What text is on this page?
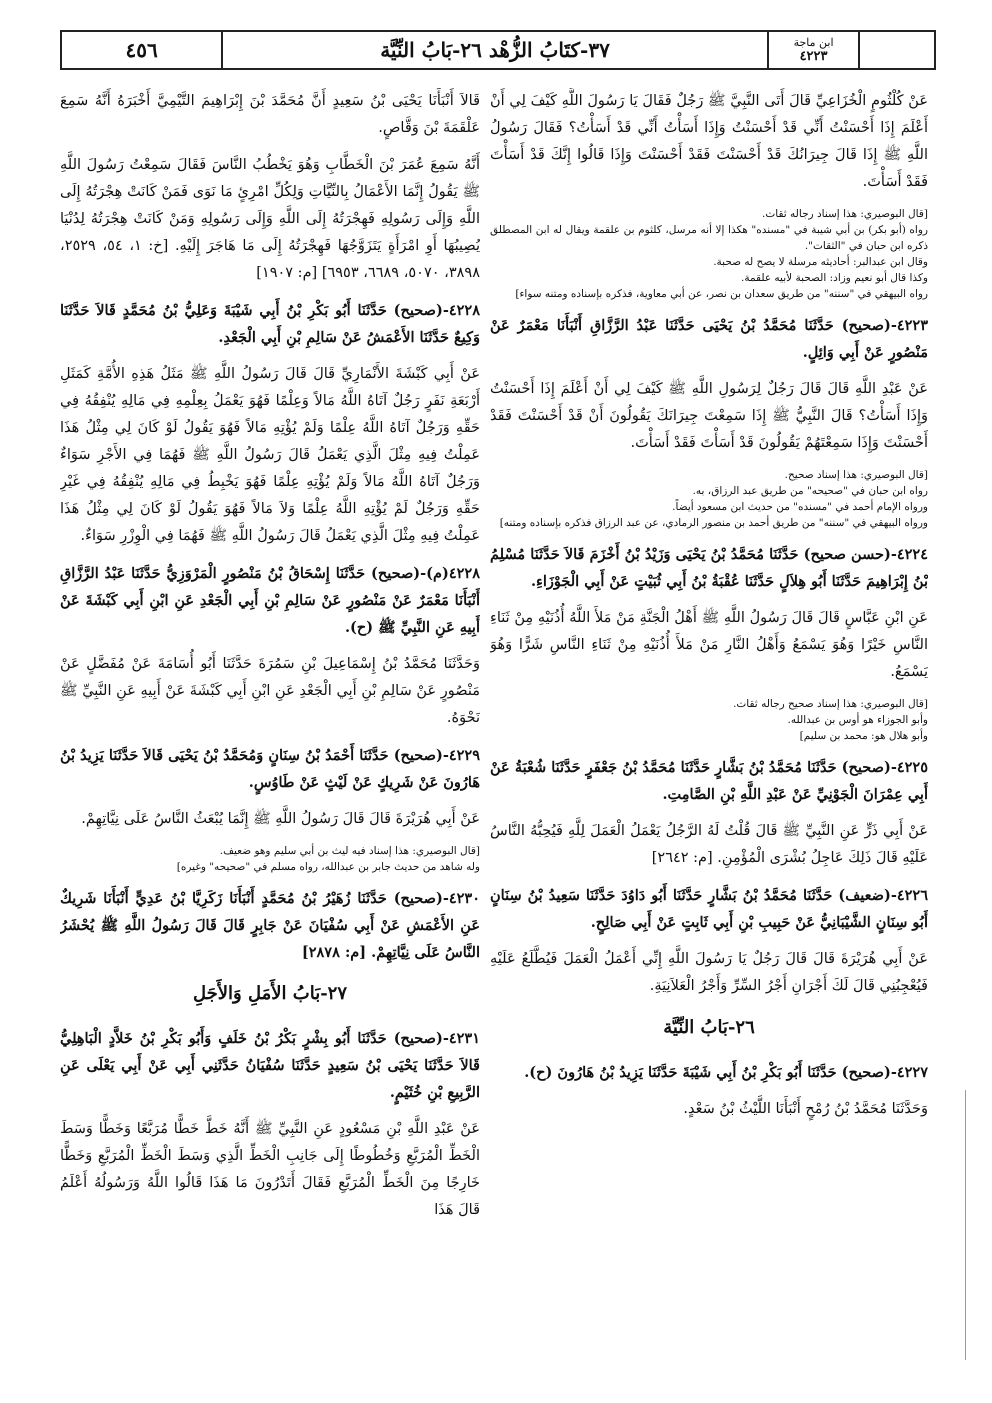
٤٥٦	٣٧-كتَابُ الزُّهْد ٢٦-بَابُ النِّيَّة	ابن ماجة
٤٢٢٣

عَنْ كُلْثُومٍ الْخُزَاعِيِّ قَالَ أَتَى النَّبِيَّ ﷺ رَجُلٌ فَقَالَ يَا رَسُولَ اللَّهِ كَيْفَ لِي أَنْ أَعْلَمَ إِذَا أَحْسَنْتُ أَنِّي قَدْ أَحْسَنْتُ وَإِذَا أَسَأْتُ أَنِّي قَدْ أَسَأْتُ؟ فَقَالَ رَسُولُ اللَّهِ ﷺ إِذَا قَالَ جِيرَانُكَ قَدْ أَحْسَنْتَ فَقَدْ أَحْسَنْتَ وَإِذَا قَالُوا إِنَّكَ قَدْ أَسَأْتَ فَقَدْ أَسَأْتَ.

[قال البوصيري: هذا إسناد رجاله ثقات.
رواه (أبو بكر) بن أبي شيبة في "مسنده" هكذا إلا أنه مرسل، كلثوم بن علقمة ويقال له ابن المصطلق ذكره ابن حبان في "الثقات".
وقال ابن عبدالبر: أحاديثه مرسلة لا يصح له صحبة.
وكذا قال أبو نعيم وزاد: الصحبة لأبيه علقمة.
رواه البيهقي في "سننه" من طريق سعدان بن نصر، عن أبي معاوية، فذكره بإسناده ومتنه سواء]

٤٢٢٣-(صحيح) حَدَّثَنَا مُحَمَّدُ بْنُ يَحْيَى حَدَّثَنَا عَبْدُ الرَّزَّاقِ أَنْبَأَنَا مَعْمَرٌ عَنْ مَنْصُورٍ عَنْ أَبِي وَائِلٍ.

عَنْ عَبْدِ اللَّهِ قَالَ قَالَ رَجُلٌ لِرَسُولِ اللَّهِ ﷺ كَيْفَ لِي أَنْ أَعْلَمَ إِذَا أَحْسَنْتُ وَإِذَا أَسَأْتُ؟ قَالَ النَّبِيُّ ﷺ إِذَا سَمِعْتَ جِيرَانَكَ يَقُولُونَ أَنْ قَدْ أَحْسَنْتَ فَقَدْ أَحْسَنْتَ وَإِذَا سَمِعْتَهُمْ يَقُولُونَ قَدْ أَسَأْتَ فَقَدْ أَسَأْتَ.

[قال البوصيري: هذا إسناد صحيح.
رواه ابن حبان في "صحيحه" من طريق عبد الرزاق، به.
ورواه الإمام أحمد في "مسنده" من حديث ابن مسعود أيضاً.
ورواه البيهقي في "سننه" من طريق أحمد بن منصور الرمادي، عن عبد الرزاق فذكره بإسناده ومتنه]

٤٢٢٤-(حسن صحيح) حَدَّثَنَا مُحَمَّدُ بْنُ يَحْيَى وَزَيْدُ بْنُ أَخْزَمَ قَالاَ حَدَّثَنَا مُسْلِمُ بْنُ إِبْرَاهِيمَ حَدَّثَنَا أَبُو هِلاَلٍ حَدَّثَنَا عُقْبَةُ بْنُ أَبِي ثُبَيْتٍ عَنْ أَبِي الْجَوْزَاءِ.

عَنِ ابْنِ عَبَّاسٍ قَالَ قَالَ رَسُولُ اللَّهِ ﷺ أَهْلُ الْجَنَّةِ مَنْ مَلأَ اللَّهُ أُذُنَيْهِ مِنْ ثَنَاءِ النَّاسِ خَيْرًا وَهُوَ يَسْمَعُ وَأَهْلُ النَّارِ مَنْ مَلأَ أُذُنَيْهِ مِنْ ثَنَاءِ النَّاسِ شَرًّا وَهُوَ يَسْمَعُ.

[قال البوصيري: هذا إسناد صحيح رجاله ثقات.
وأبو الجوزاء هو أوس بن عبدالله.
وأبو هلال هو: محمد بن سليم]

٤٢٢٥-(صحيح) حَدَّثَنَا مُحَمَّدُ بْنُ بَشَّارٍ حَدَّثَنَا مُحَمَّدُ بْنُ جَعْفَرٍ حَدَّثَنَا شُعْبَةُ عَنْ أَبِي عِمْرَانَ الْجَوْنِيِّ عَنْ عَبْدِ اللَّهِ بْنِ الصَّامِتِ.

عَنْ أَبِي ذَرٍّ عَنِ النَّبِيِّ ﷺ قَالَ قُلْتُ لَهُ الرَّجُلُ يَعْمَلُ الْعَمَلَ لِلَّهِ فَيُحِبُّهُ النَّاسُ عَلَيْهِ قَالَ ذَلِكَ عَاجِلُ بُشْرَى الْمُؤْمِنِ. [م: ٢٦٤٢]

٤٢٢٦-(ضعيف) حَدَّثَنَا مُحَمَّدُ بْنُ بَشَّارٍ حَدَّثَنَا أَبُو دَاوُدَ حَدَّثَنَا سَعِيدُ بْنُ سِنَانٍ أَبُو سِنَانٍ الشَّيْبَانِيُّ عَنْ حَبِيبِ بْنِ أَبِي ثَابِتٍ عَنْ أَبِي صَالِحٍ.

عَنْ أَبِي هُرَيْرَةَ قَالَ قَالَ رَجُلٌ يَا رَسُولَ اللَّهِ إِنِّي أَعْمَلُ الْعَمَلَ فَيُطَّلَعُ عَلَيْهِ فَيُعْجِبُنِي قَالَ لَكَ أَجْرَانِ أَجْرُ السِّرِّ وَأَجْرُ الْعَلاَنِيَةِ.

٢٦-بَابُ النِّيَّة

٤٢٢٧-(صحيح) حَدَّثَنَا أَبُو بَكْرِ بْنُ أَبِي شَيْبَةَ حَدَّثَنَا يَزِيدُ بْنُ هَارُونَ (ح).

وَحَدَّثَنَا مُحَمَّدُ بْنُ رُمْحٍ أَنْبَأَنَا اللَّيْثُ بْنُ سَعْدٍ.

قَالاَ أَنْبَأَنَا يَحْيَى بْنُ سَعِيدٍ أَنَّ مُحَمَّدَ بْنَ إِبْرَاهِيمَ التَّيْمِيَّ أَخْبَرَهُ أَنَّهُ سَمِعَ عَلْقَمَةَ بْنَ وَقَّاصٍ.

أَنَّهُ سَمِعَ عُمَرَ بْنَ الْخَطَّابِ وَهُوَ يَخْطُبُ النَّاسَ فَقَالَ سَمِعْتُ رَسُولَ اللَّهِ ﷺ يَقُولُ إِنَّمَا الأَعْمَالُ بِالنِّيَّاتِ وَلِكُلِّ امْرِئٍ مَا نَوَى فَمَنْ كَانَتْ هِجْرَتُهُ إِلَى اللَّهِ وَإِلَى رَسُولِهِ فَهِجْرَتُهُ إِلَى اللَّهِ وَإِلَى رَسُولِهِ وَمَنْ كَانَتْ هِجْرَتُهُ لِدُنْيَا يُصِيبُهَا أَوِ امْرَأَةٍ يَتَزَوَّجُهَا فَهِجْرَتُهُ إِلَى مَا هَاجَرَ إِلَيْهِ. [خ: ١، ٥٤، ٢٥٢٩، ٣٨٩٨، ٥٠٧٠، ٦٦٨٩، ٦٩٥٣] [م: ١٩٠٧]

٤٢٢٨-(صحيح) حَدَّثَنَا أَبُو بَكْرِ بْنُ أَبِي شَيْبَةَ وَعَلِيُّ بْنُ مُحَمَّدٍ قَالاَ حَدَّثَنَا وَكِيعٌ حَدَّثَنَا الأَعْمَشُ عَنْ سَالِمِ بْنِ أَبِي الْجَعْدِ.

عَنْ أَبِي كَبْشَةَ الأَنْمَارِيِّ قَالَ قَالَ رَسُولُ اللَّهِ ﷺ مَثَلُ هَذِهِ الأُمَّةِ كَمَثَلِ أَرْبَعَةِ نَفَرٍ رَجُلٌ آتَاهُ اللَّهُ مَالاً وَعِلْمًا فَهُوَ يَعْمَلُ بِعِلْمِهِ فِي مَالِهِ يُنْفِقُهُ فِي حَقِّهِ وَرَجُلٌ آتَاهُ اللَّهُ عِلْمًا وَلَمْ يُؤْتِهِ مَالاً فَهُوَ يَقُولُ لَوْ كَانَ لِي مِثْلُ هَذَا عَمِلْتُ فِيهِ مِثْلَ الَّذِي يَعْمَلُ قَالَ رَسُولُ اللَّهِ ﷺ فَهُمَا فِي الأَجْرِ سَوَاءٌ وَرَجُلٌ آتَاهُ اللَّهُ مَالاً وَلَمْ يُؤْتِهِ عِلْمًا فَهُوَ يَخْبِطُ فِي مَالِهِ يُنْفِقُهُ فِي غَيْرِ حَقِّهِ وَرَجُلٌ لَمْ يُؤْتِهِ اللَّهُ عِلْمًا وَلاَ مَالاً فَهُوَ يَقُولُ لَوْ كَانَ لِي مِثْلُ هَذَا عَمِلْتُ فِيهِ مِثْلَ الَّذِي يَعْمَلُ قَالَ رَسُولُ اللَّهِ ﷺ فَهُمَا فِي الْوِزْرِ سَوَاءٌ.

٤٢٢٨(م)-(صحيح) حَدَّثَنَا إِسْحَاقُ بْنُ مَنْصُورٍ الْمَرْوَزِيُّ حَدَّثَنَا عَبْدُ الرَّزَّاقِ أَنْبَأَنَا مَعْمَرٌ عَنْ مَنْصُورٍ عَنْ سَالِمِ بْنِ أَبِي الْجَعْدِ عَنِ ابْنِ أَبِي كَبْشَةَ عَنْ أَبِيهِ عَنِ النَّبِيِّ ﷺ (ح).

وَحَدَّثَنَا مُحَمَّدُ بْنُ إِسْمَاعِيلَ بْنِ سَمُرَةَ حَدَّثَنَا أَبُو أُسَامَةَ عَنْ مُفَضَّلٍ عَنْ مَنْصُورٍ عَنْ سَالِمِ بْنِ أَبِي الْجَعْدِ عَنِ ابْنِ أَبِي كَبْشَةَ عَنْ أَبِيهِ عَنِ النَّبِيِّ ﷺ نَحْوَهُ.

٤٢٢٩-(صحيح) حَدَّثَنَا أَحْمَدُ بْنُ سِنَانٍ وَمُحَمَّدُ بْنُ يَحْيَى قَالاَ حَدَّثَنَا يَزِيدُ بْنُ هَارُونَ عَنْ شَرِيكٍ عَنْ لَيْثٍ عَنْ طَاوُسٍ.

عَنْ أَبِي هُرَيْرَةَ قَالَ قَالَ رَسُولُ اللَّهِ ﷺ إِنَّمَا يُبْعَثُ النَّاسُ عَلَى نِيَّاتِهِمْ.

[قال البوصيري: هذا إسناد فيه ليث بن أبي سليم وهو ضعيف.
وله شاهد من حديث جابر بن عبدالله، رواه مسلم في "صحيحه" وغيره]

٤٢٣٠-(صحيح) حَدَّثَنَا زُهَيْرُ بْنُ مُحَمَّدٍ أَنْبَأَنَا زَكَرِيَّا بْنُ عَدِيٍّ أَنْبَأَنَا شَرِيكٌ عَنِ الأَعْمَشِ عَنْ أَبِي سُفْيَانَ عَنْ جَابِرٍ قَالَ قَالَ رَسُولُ اللَّهِ ﷺ يُحْشَرُ النَّاسُ عَلَى نِيَّاتِهِمْ. [م: ٢٨٧٨]

٢٧-بَابُ الأَمَلِ وَالأَجَلِ

٤٢٣١-(صحيح) حَدَّثَنَا أَبُو بِشْرٍ بَكْرُ بْنُ خَلَفٍ وَأَبُو بَكْرِ بْنُ خَلاَّدٍ الْبَاهِلِيُّ قَالاَ حَدَّثَنَا يَحْيَى بْنُ سَعِيدٍ حَدَّثَنَا سُفْيَانُ حَدَّثَنِي أَبِي عَنْ أَبِي يَعْلَى عَنِ الرَّبِيعِ بْنِ خُثَيْمٍ.

عَنْ عَبْدِ اللَّهِ بْنِ مَسْعُودٍ عَنِ النَّبِيِّ ﷺ أَنَّهُ خَطَّ خَطًّا مُرَبَّعًا وَخَطًّا وَسَطَ الْخَطِّ الْمُرَبَّعِ وَخُطُوطًا إِلَى جَانِبِ الْخَطِّ الَّذِي وَسَطَ الْخَطِّ الْمُرَبَّعِ وَخَطًّا خَارِجًا مِنَ الْخَطِّ الْمُرَبَّعِ فَقَالَ أَتَدْرُونَ مَا هَذَا قَالُوا اللَّهُ وَرَسُولُهُ أَعْلَمُ قَالَ هَذَا
